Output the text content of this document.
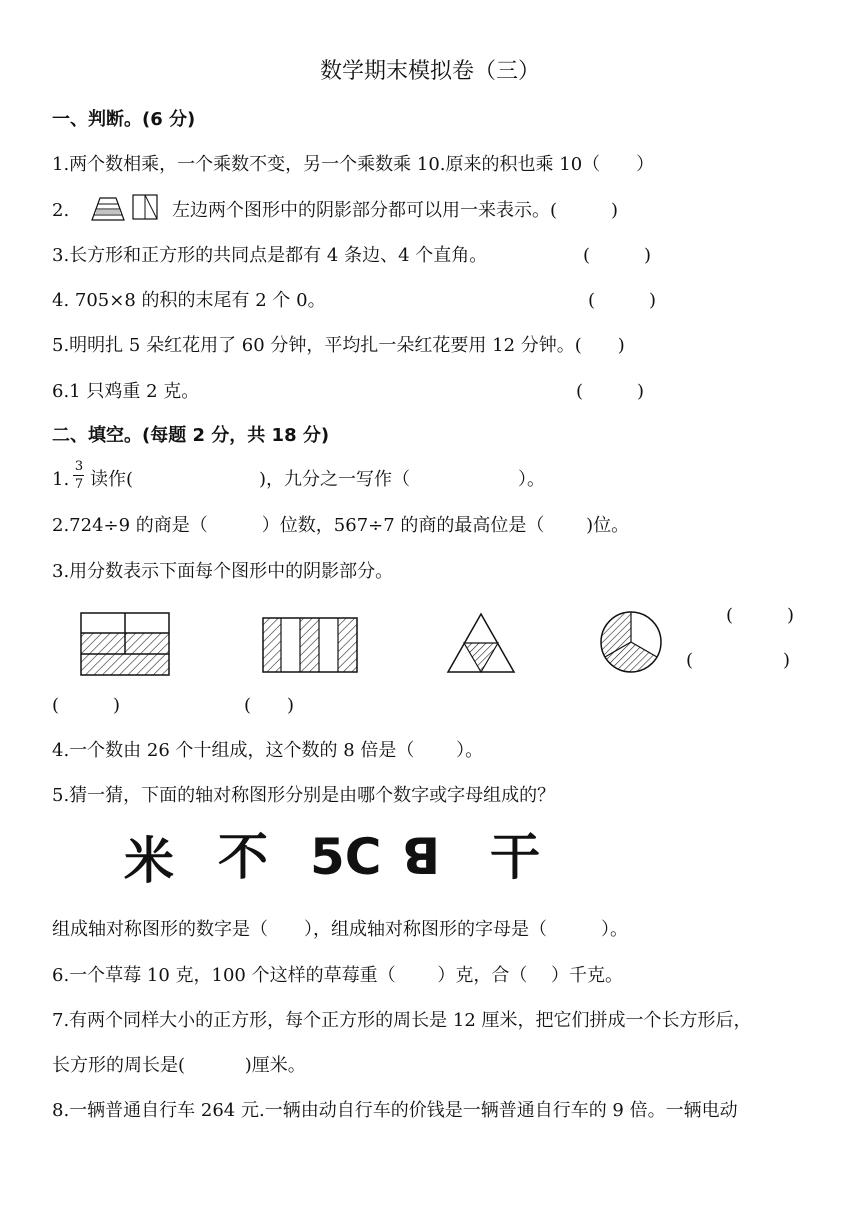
数学期末模拟卷（三）
一、判断。(6 分)
1.两个数相乘，一个乘数不变，另一个乘数乘 10.原来的积也乘 10（　　）
2.	左边两个图形中的阴影部分都可以用一来表示。(　　　)
3.长方形和正方形的共同点是都有 4 条边、4 个直角。	(　　　)
4. 705×8 的积的末尾有 2 个 0。	(　　　)
5.明明扎 5 朵红花用了 60 分钟，平均扎一朵红花要用 12 分钟。(　　)
6.1 只鸡重 2 克。	(　　　)
二、填空。(每题 2 分，共 18 分)
1.
3
7 读作(　　　　　　　)，九分之一写作（　　　　　　）。
2.724÷9 的商是（　　　）位数，567÷7 的商的最高位是（　　 )位。
3.用分数表示下面每个图形中的阴影部分。
(　　　)
(　　　　　)
(　　　)	(　　)
4.一个数由 26 个十组成，这个数的 8 倍是（　　 ）。
5.猜一猜，下面的轴对称图形分别是由哪个数字或字母组成的？
米 不 5C ꓭ 干
组成轴对称图形的数字是（　　），组成轴对称图形的字母是（　　　）。
6.一个草莓 10 克，100 个这样的草莓重（　　 ）克，合（　 ）千克。
7.有两个同样大小的正方形，每个正方形的周长是 12 厘米，把它们拼成一个长方形后，
长方形的周长是(　　　 )厘米。
8.一辆普通自行车 264 元.一辆由动自行车的价钱是一辆普通自行车的 9 倍。一辆电动
